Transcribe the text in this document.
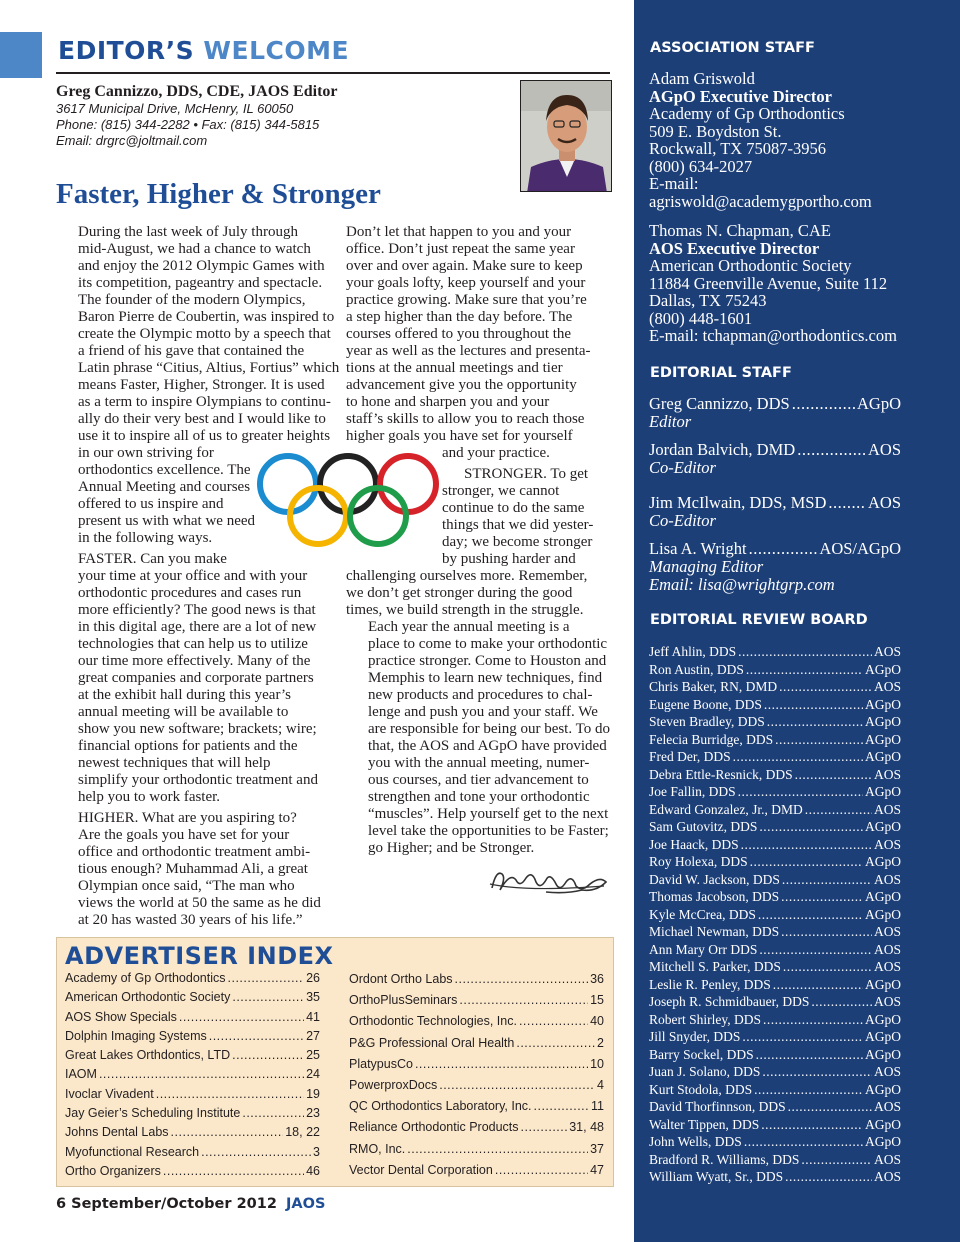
EDITOR’S WELCOME
Greg Cannizzo, DDS, CDE, JAOS Editor
3617 Municipal Drive, McHenry, IL 60050
Phone: (815) 344-2282 • Fax: (815) 344-5815
Email: drgrc@joltmail.com
Faster, Higher & Stronger

During the last week of July through
mid-August, we had a chance to watch
and enjoy the 2012 Olympic Games with
its competition, pageantry and spectacle.
The founder of the modern Olympics,
Baron Pierre de Coubertin, was inspired to
create the Olympic motto by a speech that
a friend of his gave that contained the
Latin phrase “Citius, Altius, Fortius” which
means Faster, Higher, Stronger. It is used
as a term to inspire Olympians to continu-
ally do their very best and I would like to
use it to inspire all of us to greater heights
in our own striving for
orthodontics excellence. The
Annual Meeting and courses
offered to us inspire and
present us with what we need
in the following ways.

FASTER. Can you make
your time at your office and with your
orthodontic procedures and cases run
more efficiently? The good news is that
in this digital age, there are a lot of new
technologies that can help us to utilize
our time more effectively. Many of the
great companies and corporate partners
at the exhibit hall during this year’s
annual meeting will be available to
show you new software; brackets; wire;
financial options for patients and the
newest techniques that will help
simplify your orthodontic treatment and
help you to work faster.

HIGHER. What are you aspiring to?
Are the goals you have set for your
office and orthodontic treatment ambi-
tious enough? Muhammad Ali, a great
Olympian once said, “The man who
views the world at 50 the same as he did
at 20 has wasted 30 years of his life.”

Don’t let that happen to you and your
office. Don’t just repeat the same year
over and over again. Make sure to keep
your goals lofty, keep yourself and your
practice growing. Make sure that you’re
a step higher than the day before. The
courses offered to you throughout the
year as well as the lectures and presenta-
tions at the annual meetings and tier
advancement give you the opportunity
to hone and sharpen you and your
staff’s skills to allow you to reach those
higher goals you have set for yourself
and your practice.

STRONGER. To get
stronger, we cannot
continue to do the same
things that we did yester-
day; we become stronger
by pushing harder and
challenging ourselves more. Remember,
we don’t get stronger during the good
times, we build strength in the struggle.

Each year the annual meeting is a
place to come to make your orthodontic
practice stronger. Come to Houston and
Memphis to learn new techniques, find
new products and procedures to chal-
lenge and push you and your staff. We
are responsible for being our best. To do
that, the AOS and AGpO have provided
you with the annual meeting, numer-
ous courses, and tier advancement to
strengthen and tone your orthodontic
“muscles”. Help yourself get to the next
level take the opportunities to be Faster;
go Higher; and be Stronger.

ADVERTISER INDEX
Academy of Gp Orthodontics .....	26
American Orthodontic Society .....	35
AOS Show Specials .....	41
Dolphin Imaging Systems .....	27
Great Lakes Orthdontics, LTD .....	25
IAOM .....	24
Ivoclar Vivadent .....	19
Jay Geier’s Scheduling Institute .....	23
Johns Dental Labs .....	18, 22
Myofunctional Research .....	3
Ortho Organizers .....	46
Ordont Ortho Labs .....	36
OrthoPlusSeminars .....	15
Orthodontic Technologies, Inc. .....	40
P&G Professional Oral Health .....	2
PlatypusCo .....	10
PowerproxDocs .....	4
QC Orthodontics Laboratory, Inc. .....	11
Reliance Orthodontic Products .....	31, 48
RMO, Inc. .....	37
Vector Dental Corporation .....	47
6 September/October 2012 JAOS
ASSOCIATION STAFF
Adam Griswold
AGpO Executive Director
Academy of Gp Orthodontics
509 E. Boydston St.
Rockwall, TX 75087-3956
(800) 634-2027
E-mail:
agriswold@academygportho.com
Thomas N. Chapman, CAE
AOS Executive Director
American Orthodontic Society
11884 Greenville Avenue, Suite 112
Dallas, TX 75243
(800) 448-1601
E-mail: tchapman@orthodontics.com
EDITORIAL STAFF
Greg Cannizzo, DDS .....	AGpO
Editor
Jordan Balvich, DMD .....	AOS
Co-Editor
Jim McIlwain, DDS, MSD .....	AOS
Co-Editor
Lisa A. Wright .....	AOS/AGpO
Managing Editor
Email: lisa@wrightgrp.com
EDITORIAL REVIEW BOARD
Jeff Ahlin, DDS .....	AOS
Ron Austin, DDS .....	AGpO
Chris Baker, RN, DMD .....	AOS
Eugene Boone, DDS .....	AGpO
Steven Bradley, DDS .....	AGpO
Felecia Burridge, DDS .....	AGpO
Fred Der, DDS .....	AGpO
Debra Ettle-Resnick, DDS .....	AOS
Joe Fallin, DDS .....	AGpO
Edward Gonzalez, Jr., DMD .....	AOS
Sam Gutovitz, DDS .....	AGpO
Joe Haack, DDS .....	AOS
Roy Holexa, DDS .....	AGpO
David W. Jackson, DDS .....	AOS
Thomas Jacobson, DDS .....	AGpO
Kyle McCrea, DDS .....	AGpO
Michael Newman, DDS .....	AOS
Ann Mary Orr DDS .....	AOS
Mitchell S. Parker, DDS .....	AOS
Leslie R. Penley, DDS .....	AGpO
Joseph R. Schmidbauer, DDS .....	AOS
Robert Shirley, DDS .....	AGpO
Jill Snyder, DDS .....	AGpO
Barry Sockel, DDS .....	AGpO
Juan J. Solano, DDS .....	AOS
Kurt Stodola, DDS .....	AGpO
David Thorfinnson, DDS .....	AOS
Walter Tippen, DDS .....	AGpO
John Wells, DDS .....	AGpO
Bradford R. Williams, DDS .....	AOS
William Wyatt, Sr., DDS .....	AOS
